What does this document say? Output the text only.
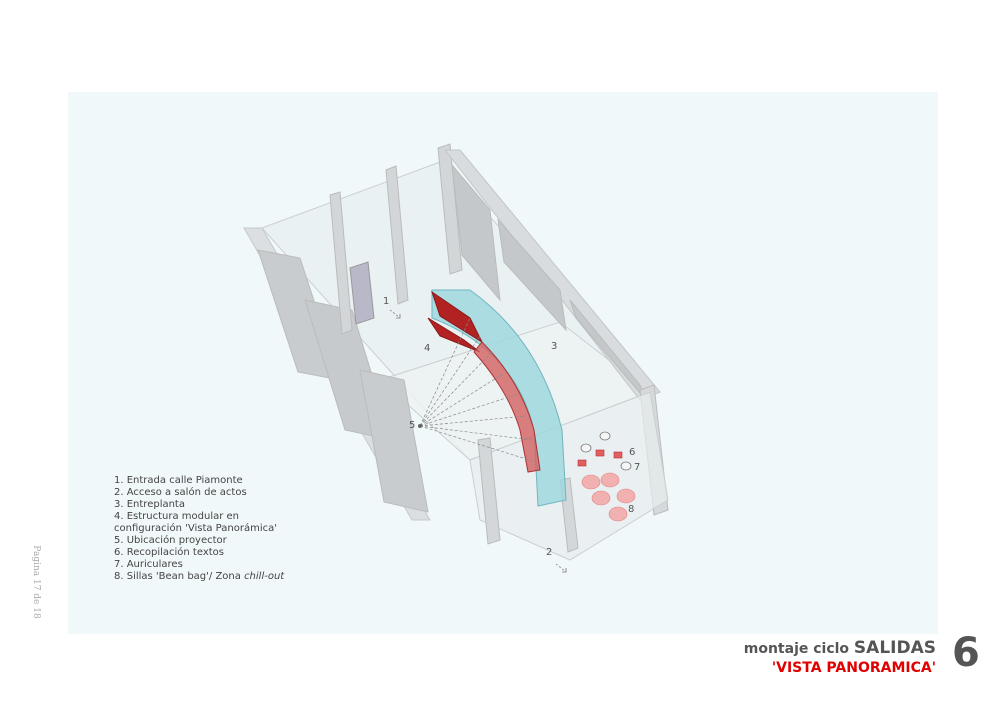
1
2
3
4
5
6
7
8
1. Entrada calle Piamonte
2. Acceso a salón de actos
3. Entreplanta
4. Estructura modular en
configuración 'Vista Panorámica'
5. Ubicación proyector
6. Recopilación textos
7. Auriculares
8. Sillas 'Bean bag'/ Zona chill-out
Pagina 17 de 18
montaje ciclo SALIDAS
'VISTA PANORAMICA' 6
